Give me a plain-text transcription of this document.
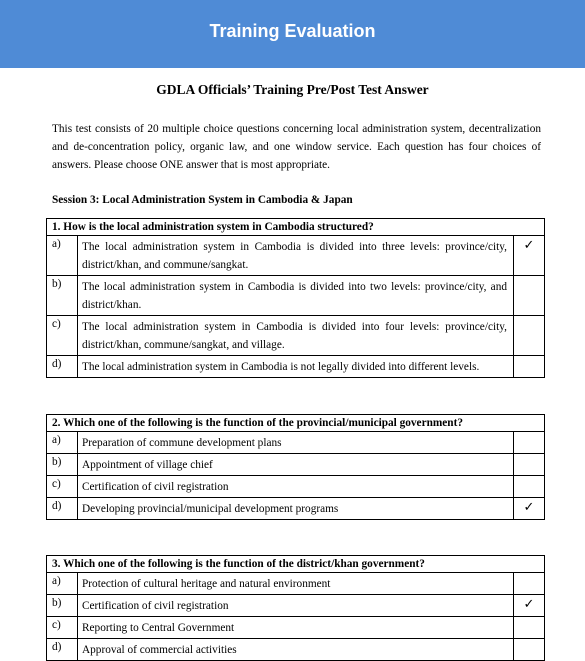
Training Evaluation
GDLA Officials’ Training Pre/Post Test Answer
This test consists of 20 multiple choice questions concerning local administration system, decentralization and de-concentration policy, organic law, and one window service. Each question has four choices of answers. Please choose ONE answer that is most appropriate.
Session 3: Local Administration System in Cambodia & Japan
1. How is the local administration system in Cambodia structured?		
a)	The local administration system in Cambodia is divided into three levels: province/city, district/khan, and commune/sangkat.	✓
b)	The local administration system in Cambodia is divided into two levels: province/city, and district/khan.	
c)	The local administration system in Cambodia is divided into four levels: province/city, district/khan, commune/sangkat, and village.	
d)	The local administration system in Cambodia is not legally divided into different levels.	
2. Which one of the following is the function of the provincial/municipal government?		
a)	Preparation of commune development plans	
b)	Appointment of village chief	
c)	Certification of civil registration	
d)	Developing provincial/municipal development programs	✓
3. Which one of the following is the function of the district/khan government?		
a)	Protection of cultural heritage and natural environment	
b)	Certification of civil registration	✓
c)	Reporting to Central Government	
d)	Approval of commercial activities	
